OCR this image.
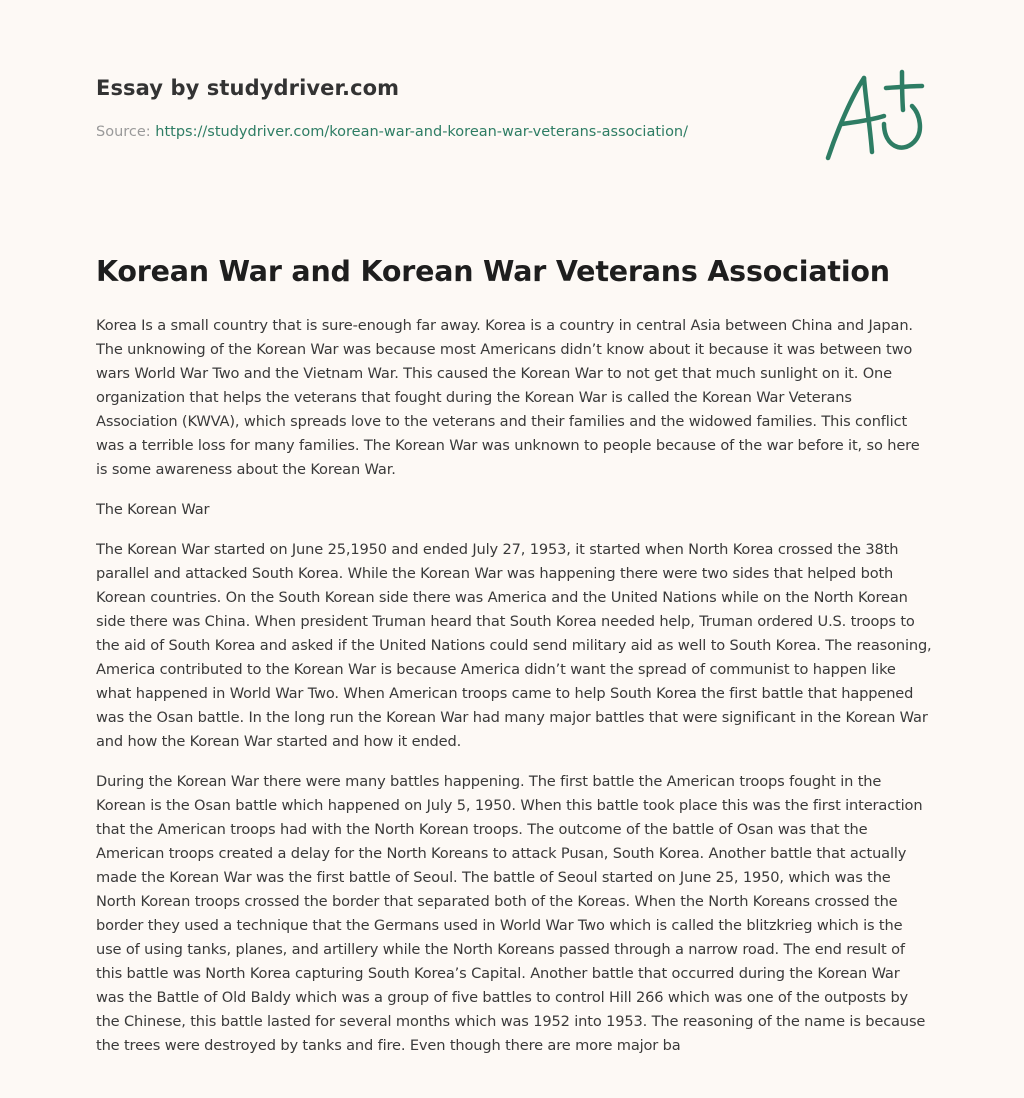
Essay by studydriver.com
Source: https://studydriver.com/korean-war-and-korean-war-veterans-association/
Korean War and Korean War Veterans Association

Korea Is a small country that is sure-enough far away. Korea is a country in central Asia between China and Japan. The unknowing of the Korean War was because most Americans didn’t know about it because it was between two wars World War Two and the Vietnam War. This caused the Korean War to not get that much sunlight on it. One organization that helps the veterans that fought during the Korean War is called the Korean War Veterans Association (KWVA), which spreads love to the veterans and their families and the widowed families. This conflict was a terrible loss for many families. The Korean War was unknown to people because of the war before it, so here is some awareness about the Korean War.

The Korean War

The Korean War started on June 25,1950 and ended July 27, 1953, it started when North Korea crossed the 38th parallel and attacked South Korea. While the Korean War was happening there were two sides that helped both Korean countries. On the South Korean side there was America and the United Nations while on the North Korean side there was China. When president Truman heard that South Korea needed help, Truman ordered U.S. troops to the aid of South Korea and asked if the United Nations could send military aid as well to South Korea. The reasoning, America contributed to the Korean War is because America didn’t want the spread of communist to happen like what happened in World War Two. When American troops came to help South Korea the first battle that happened was the Osan battle. In the long run the Korean War had many major battles that were significant in the Korean War and how the Korean War started and how it ended.

During the Korean War there were many battles happening. The first battle the American troops fought in the Korean is the Osan battle which happened on July 5, 1950. When this battle took place this was the first interaction that the American troops had with the North Korean troops. The outcome of the battle of Osan was that the American troops created a delay for the North Koreans to attack Pusan, South Korea. Another battle that actually made the Korean War was the first battle of Seoul. The battle of Seoul started on June 25, 1950, which was the North Korean troops crossed the border that separated both of the Koreas. When the North Koreans crossed the border they used a technique that the Germans used in World War Two which is called the blitzkrieg which is the use of using tanks, planes, and artillery while the North Koreans passed through a narrow road. The end result of this battle was North Korea capturing South Korea’s Capital. Another battle that occurred during the Korean War was the Battle of Old Baldy which was a group of five battles to control Hill 266 which was one of the outposts by the Chinese, this battle lasted for several months which was 1952 into 1953. The reasoning of the name is because the trees were destroyed by tanks and fire. Even though there are more major ba
